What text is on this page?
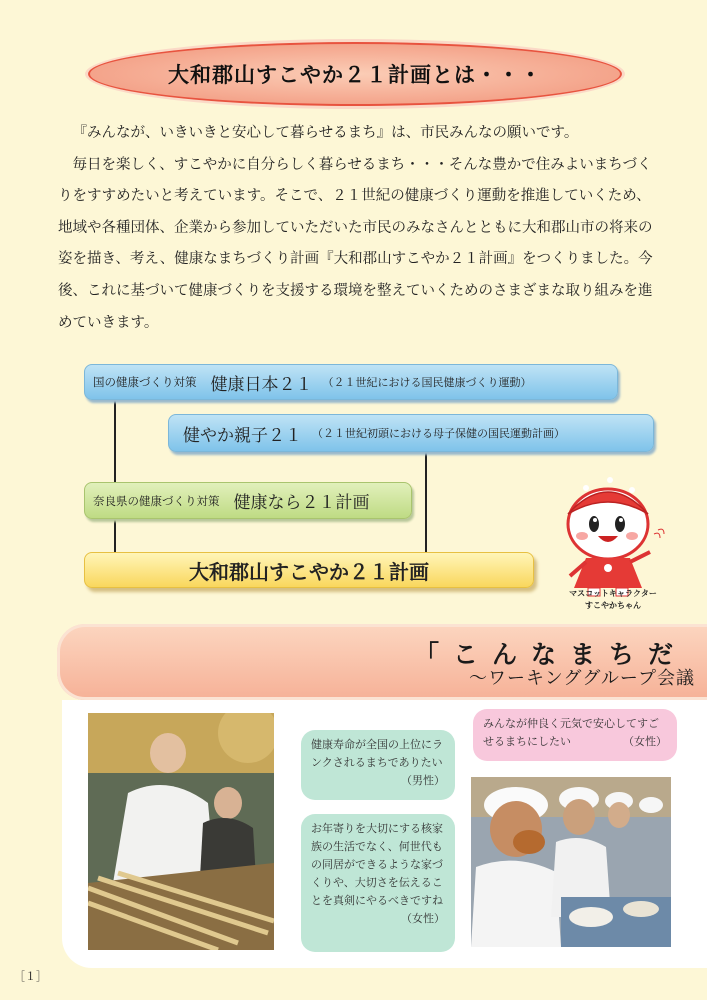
大和郡山すこやか２１計画とは・・・

『みんなが、いきいきと安心して暮らせるまち』は、市民みんなの願いです。

毎日を楽しく、すこやかに自分らしく暮らせるまち・・・そんな豊かで住みよいまちづくりをすすめたいと考えています。そこで、２１世紀の健康づくり運動を推進していくため、地域や各種団体、企業から参加していただいた市民のみなさんとともに大和郡山市の将来の姿を描き、考え、健康なまちづくり計画『大和郡山すこやか２１計画』をつくりました。今後、これに基づいて健康づくりを支援する環境を整えていくためのさまざまな取り組みを進めていきます。

国の健康づくり対策 健康日本２１ （２１世紀における国民健康づくり運動）
健やか親子２１ （２１世紀初頭における母子保健の国民運動計画）
奈良県の健康づくり対策 健康なら２１計画
大和郡山すこやか２１計画
マスコットキャラクター
すこやかちゃん
「こんなまちだ
～ワーキンググループ会議
健康寿命が全国の上位にランクされるまちでありたい
（男性）
お年寄りを大切にする核家族の生活でなく、何世代もの同居ができるような家づくりや、大切さを伝えることを真剣にやるべきですね
（女性）
みんなが仲良く元気で安心してすごせるまちにしたい	（女性）
［１］
